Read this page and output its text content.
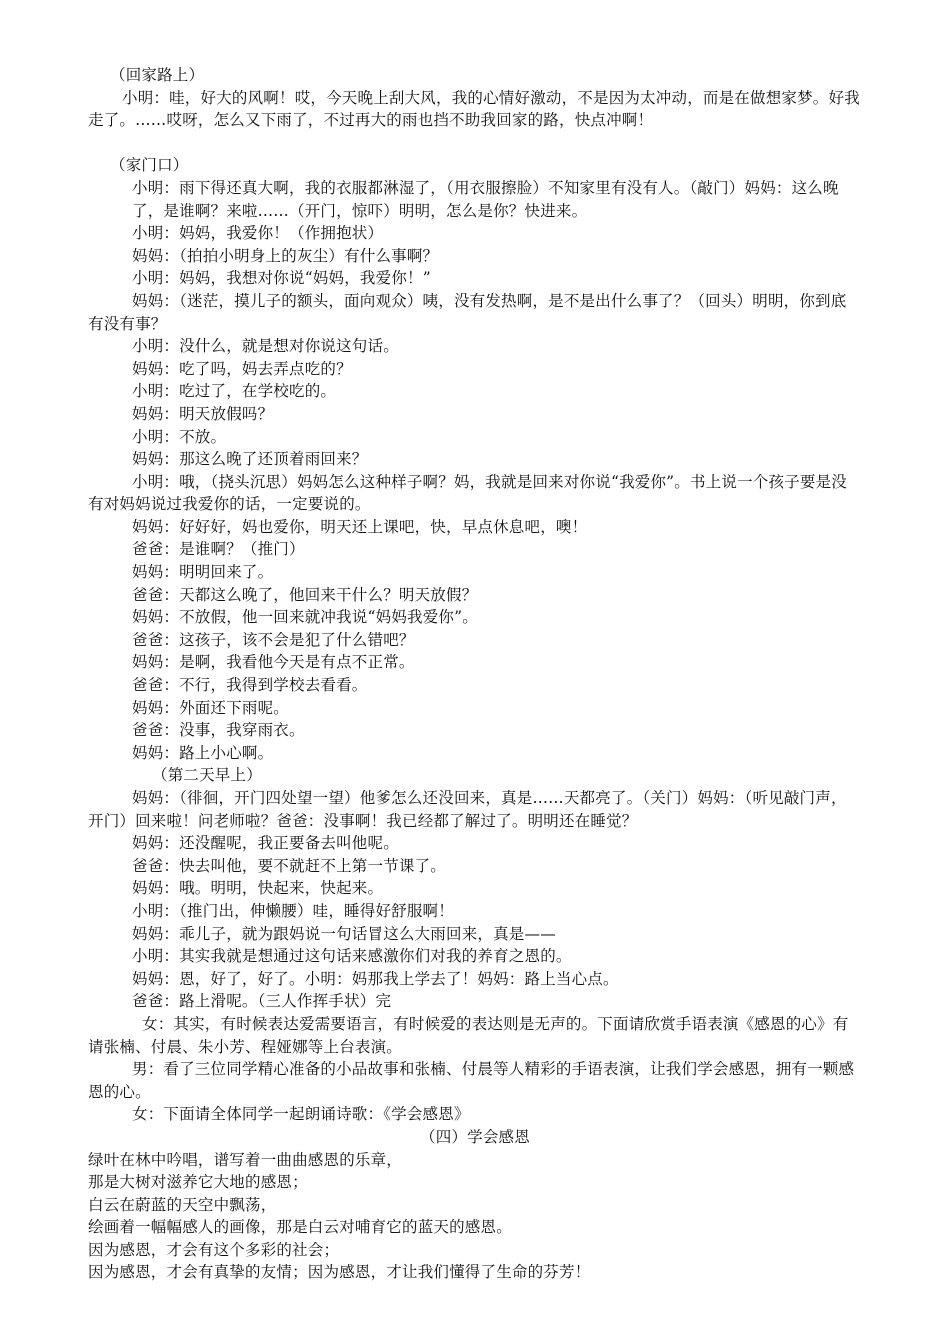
（回家路上）

小明：哇，好大的风啊！哎，今天晚上刮大风，我的心情好激动，不是因为太冲动，而是在做想家梦。好我走了。……哎呀，怎么又下雨了，不过再大的雨也挡不助我回家的路，快点冲啊！

（家门口）

小明：雨下得还真大啊，我的衣服都淋湿了，（用衣服擦脸）不知家里有没有人。（敲门）妈妈：这么晚了，是谁啊？来啦……（开门，惊吓）明明，怎么是你？快进来。

小明：妈妈，我爱你！（作拥抱状）

妈妈：（拍拍小明身上的灰尘）有什么事啊？

小明：妈妈，我想对你说“妈妈，我爱你！”

妈妈：（迷茫，摸儿子的额头，面向观众）咦，没有发热啊，是不是出什么事了？（回头）明明，你到底有没有事？

小明：没什么，就是想对你说这句话。

妈妈：吃了吗，妈去弄点吃的？

小明：吃过了，在学校吃的。

妈妈：明天放假吗？

小明：不放。

妈妈：那这么晚了还顶着雨回来？

小明：哦，（挠头沉思）妈妈怎么这种样子啊？妈，我就是回来对你说“我爱你”。书上说一个孩子要是没有对妈妈说过我爱你的话，一定要说的。

妈妈：好好好，妈也爱你，明天还上课吧，快，早点休息吧，噢！

爸爸：是谁啊？（推门）

妈妈：明明回来了。

爸爸：天都这么晚了，他回来干什么？明天放假？

妈妈：不放假，他一回来就冲我说“妈妈我爱你”。

爸爸：这孩子，该不会是犯了什么错吧？

妈妈：是啊，我看他今天是有点不正常。

爸爸：不行，我得到学校去看看。

妈妈：外面还下雨呢。

爸爸：没事，我穿雨衣。

妈妈：路上小心啊。

（第二天早上）

妈妈：（徘徊，开门四处望一望）他爹怎么还没回来，真是……天都亮了。（关门）妈妈：（听见敲门声，开门）回来啦！问老师啦？爸爸：没事啊！我已经都了解过了。明明还在睡觉？

妈妈：还没醒呢，我正要备去叫他呢。

爸爸：快去叫他，要不就赶不上第一节课了。

妈妈：哦。明明，快起来，快起来。

小明：（推门出，伸懒腰）哇，睡得好舒服啊！

妈妈：乖儿子，就为跟妈说一句话冒这么大雨回来，真是——

小明：其实我就是想通过这句话来感激你们对我的养育之恩的。

妈妈：恩，好了，好了。小明：妈那我上学去了！妈妈：路上当心点。

爸爸：路上滑呢。（三人作挥手状）完

女：其实，有时候表达爱需要语言，有时候爱的表达则是无声的。下面请欣赏手语表演《感恩的心》有请张楠、付晨、朱小芳、程娅娜等上台表演。

男：看了三位同学精心准备的小品故事和张楠、付晨等人精彩的手语表演，让我们学会感恩，拥有一颗感恩的心。

女：下面请全体同学一起朗诵诗歌：《学会感恩》

（四）学会感恩

绿叶在林中吟唱，谱写着一曲曲感恩的乐章，

那是大树对滋养它大地的感恩；

白云在蔚蓝的天空中飘荡，

绘画着一幅幅感人的画像，那是白云对哺育它的蓝天的感恩。

因为感恩，才会有这个多彩的社会；

因为感恩，才会有真挚的友情；因为感恩，才让我们懂得了生命的芬芳！
